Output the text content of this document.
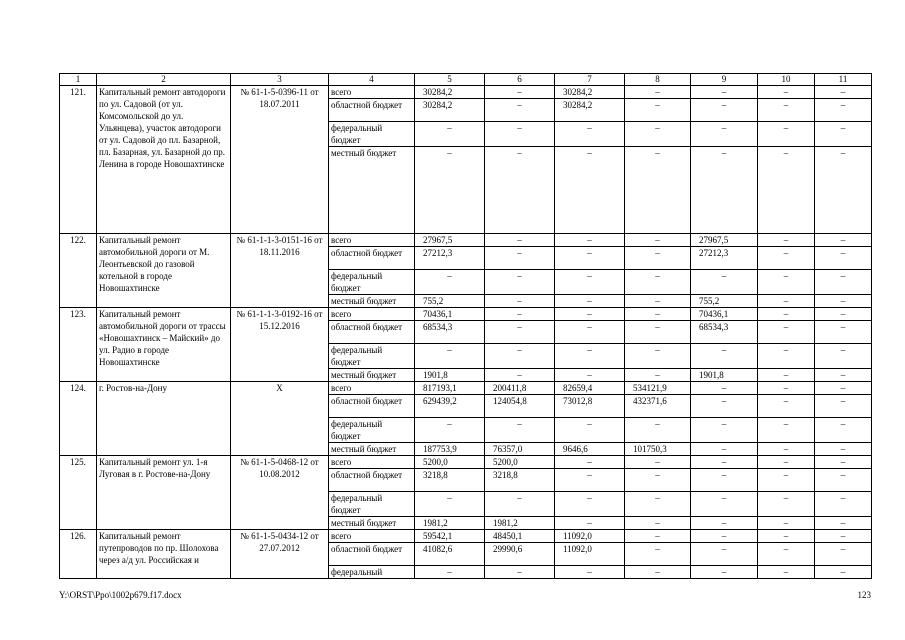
1	2	3	4	5	6	7	8	9	10	11
121.	Капитальный ремонт автодороги по ул. Садовой (от ул. Комсомольской до ул. Ульянцева), участок автодороги от ул. Садовой до пл. Базарной, пл. Базарная, ул. Базарной до пр. Ленина в городе Новошахтинске	№ 61-1-5-0396-11 от 18.07.2011	всего	30284,2	–	30284,2	–	–	–	–
			областной бюджет	30284,2	–	30284,2	–	–	–	–
			федеральный бюджет	–	–	–	–	–	–	–
			местный бюджет	–	–	–	–	–	–	–
122.	Капитальный ремонт автомобильной дороги от М. Леонтьевской до газовой котельной в городе Новошахтинске	№ 61-1-1-3-0151-16 от 18.11.2016	всего	27967,5	–	–	–	27967,5	–	–
			областной бюджет	27212,3	–	–	–	27212,3	–	–
			федеральный бюджет	–	–	–	–	–	–	–
			местный бюджет	755,2	–	–	–	755,2	–	–
123.	Капитальный ремонт автомобильной дороги от трассы «Новошахтинск – Майский» до ул. Радио в городе Новошахтинске	№ 61-1-1-3-0192-16 от 15.12.2016	всего	70436,1	–	–	–	70436,1	–	–
			областной бюджет	68534,3	–	–	–	68534,3	–	–
			федеральный бюджет	–	–	–	–	–	–	–
			местный бюджет	1901,8	–	–	–	1901,8	–	–
124.	г. Ростов-на-Дону	Х	всего	817193,1	200411,8	82659,4	534121,9	–	–	–
			областной бюджет	629439,2	124054,8	73012,8	432371,6	–	–	–
			федеральный бюджет	–	–	–	–	–	–	–
			местный бюджет	187753,9	76357,0	9646,6	101750,3	–	–	–
125.	Капитальный ремонт ул. 1-я Луговая в г. Ростове-на-Дону	№ 61-1-5-0468-12 от 10.08.2012	всего	5200,0	5200,0	–	–	–	–	–
			областной бюджет	3218,8	3218,8	–	–	–	–	–
			федеральный бюджет	–	–	–	–	–	–	–
			местный бюджет	1981,2	1981,2	–	–	–	–	–
126.	Капитальный ремонт путепроводов по пр. Шолохова через а/д ул. Российская и	№ 61-1-5-0434-12 от 27.07.2012	всего	59542,1	48450,1	11092,0	–	–	–	–
			областной бюджет	41082,6	29990,6	11092,0	–	–	–	–
			федеральный	–	–	–	–	–	–	–
Y:\ORST\Ppo\1002p679.f17.docx	123
